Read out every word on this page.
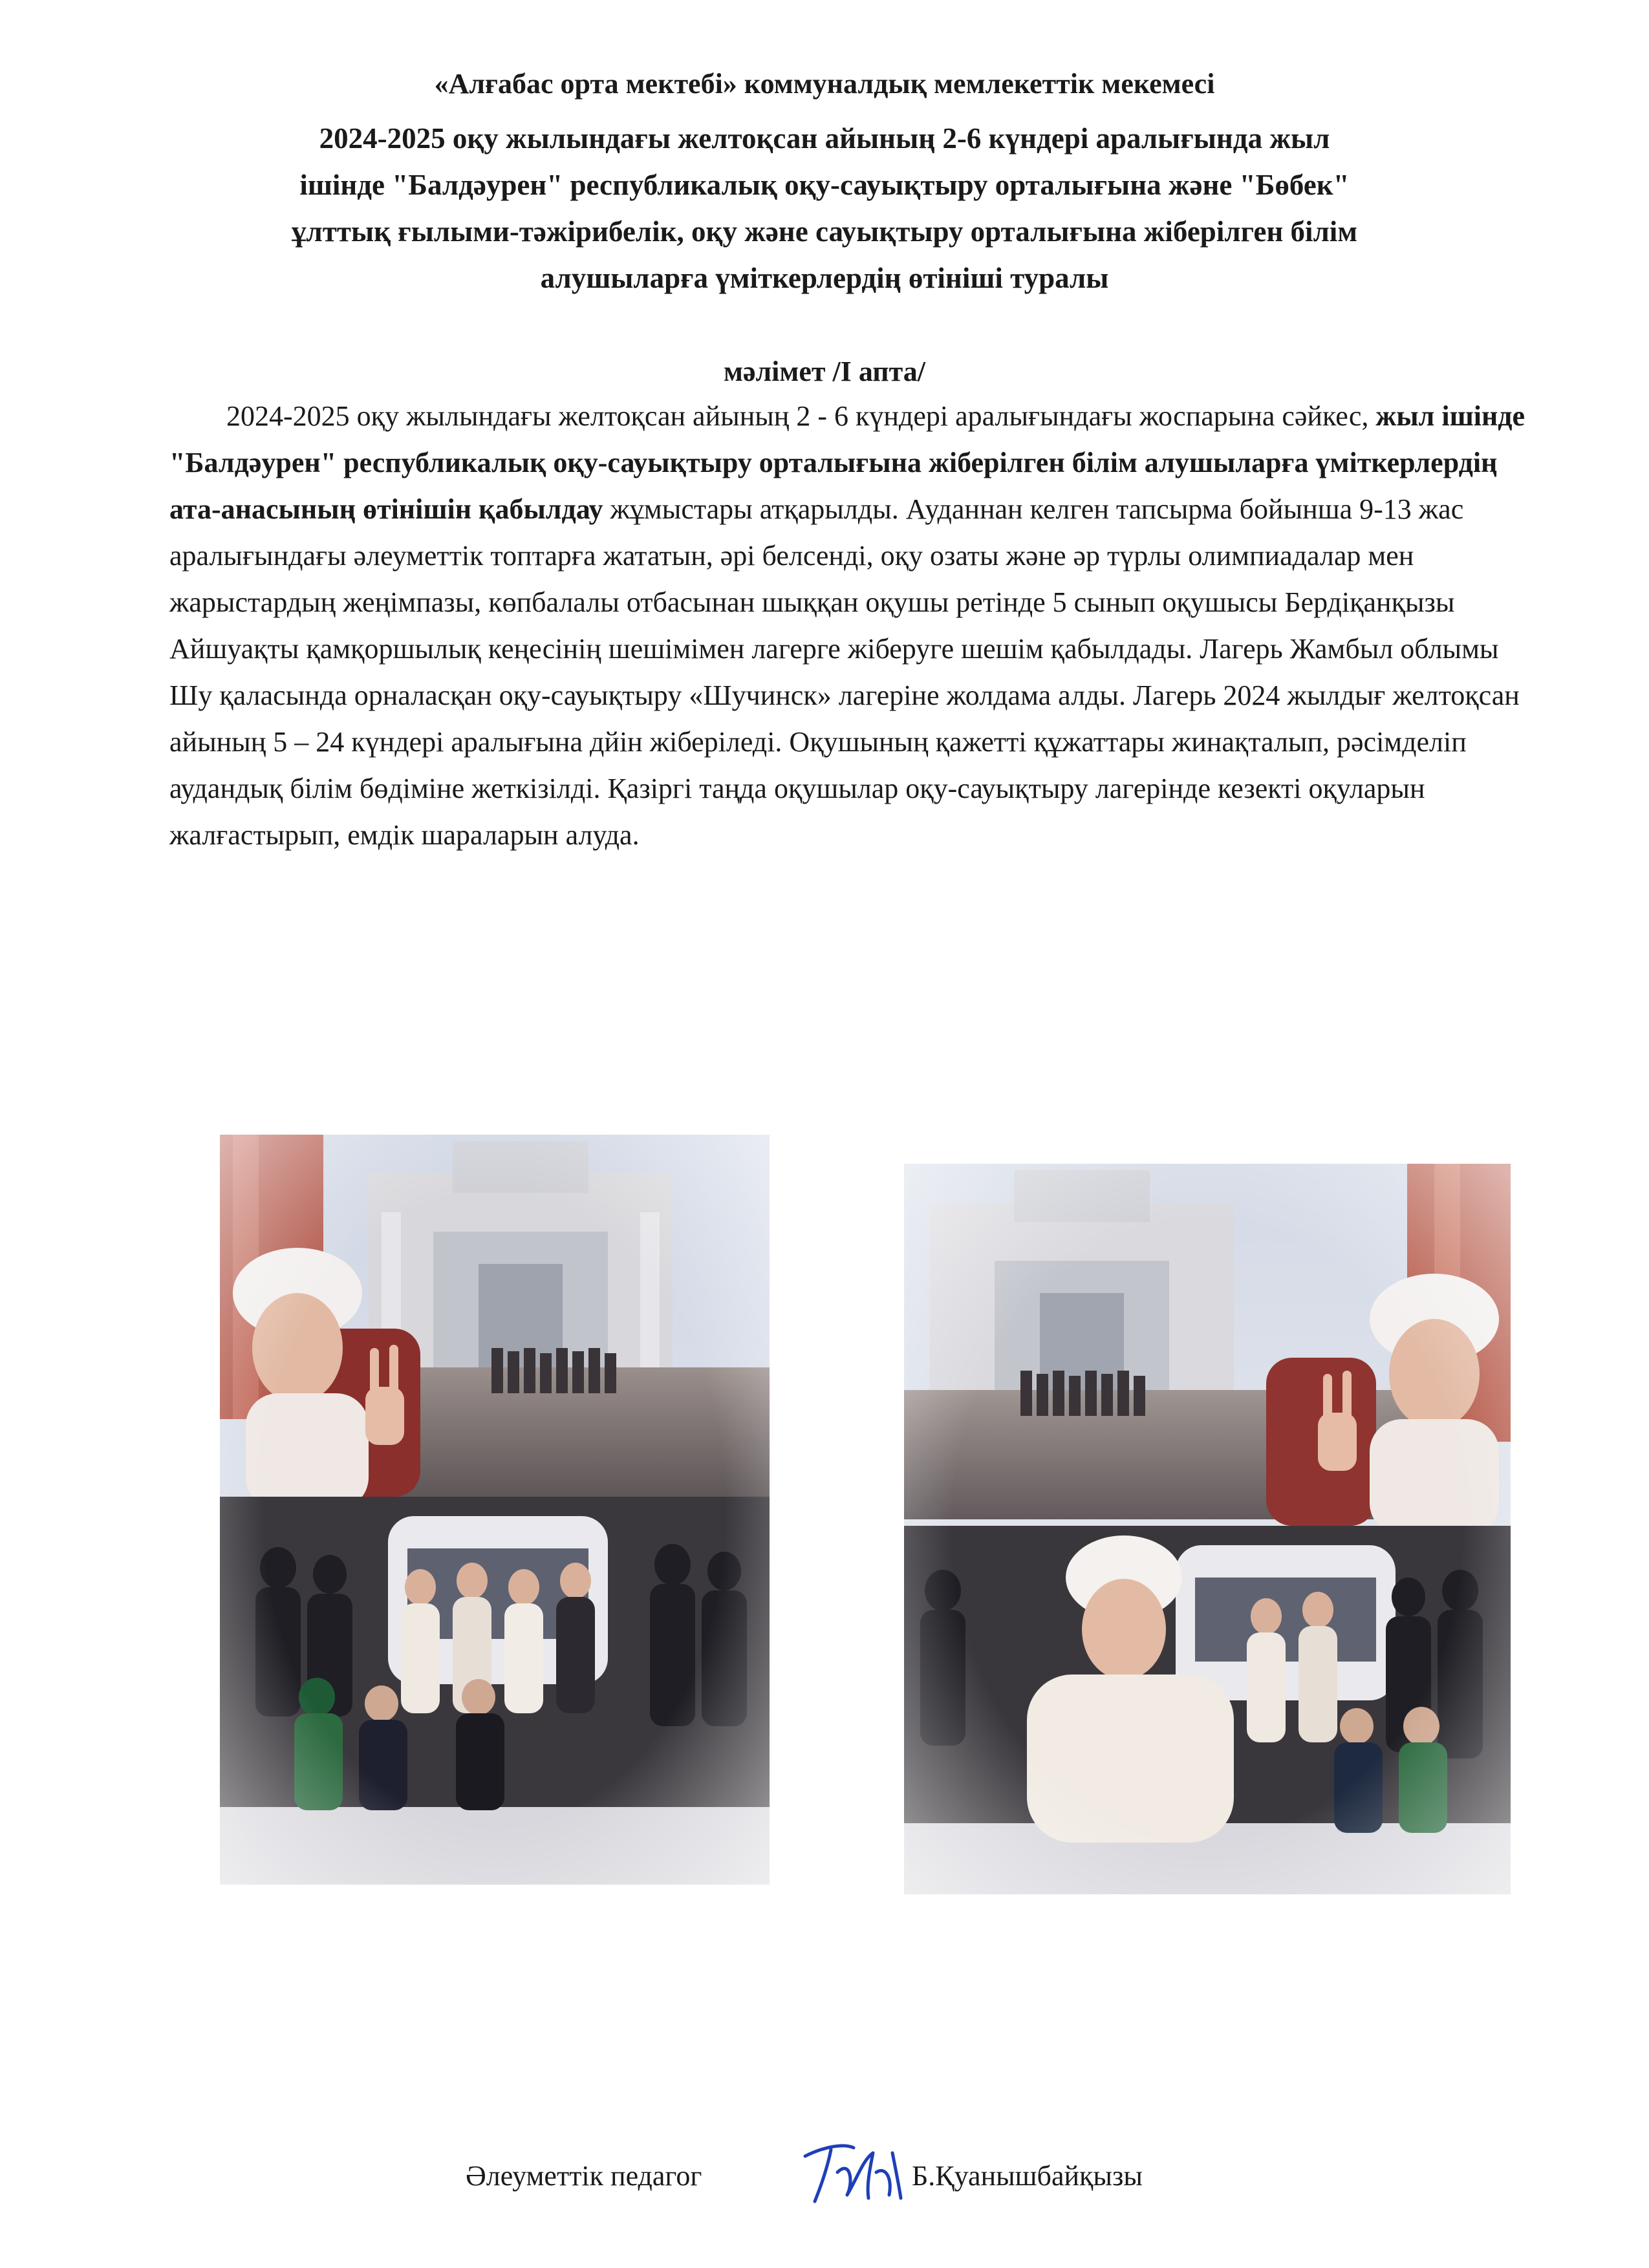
«Алғабас орта мектебі» коммуналдық мемлекеттік мекемесі
2024-2025 оқу жылындағы желтоқсан айының 2-6 күндері аралығында жыл
ішінде "Балдәурен" республикалық оқу-сауықтыру орталығына және "Бөбек"
ұлттық ғылыми-тәжірибелік, оқу және сауықтыру орталығына жіберілген білім
алушыларға үміткерлердің өтініші туралы
мәлімет /І апта/
2024-2025 оқу жылындағы желтоқсан айының 2 - 6 күндері аралығындағы жоспарына сәйкес, жыл ішінде "Балдәурен" республикалық оқу-сауықтыру орталығына жіберілген білім алушыларға үміткерлердің ата-анасының өтінішін қабылдау жұмыстары атқарылды. Ауданнан келген тапсырма бойынша 9-13 жас аралығындағы әлеуметтік топтарға жататын, әрі белсенді, оқу озаты және әр түрлы олимпиадалар мен жарыстардың жеңімпазы, көпбалалы отбасынан шыққан оқушы ретінде 5 сынып оқушысы Бердіқанқызы Айшуақты қамқоршылық кеңесінің шешімімен лагерге жіберуге шешім қабылдады. Лагерь Жамбыл облымы Шу қаласында орналасқан оқу-сауықтыру «Шучинск» лагеріне жолдама алды. Лагерь 2024 жылдығ желтоқсан айының 5 – 24 күндері аралығына дйін жіберіледі. Оқушының қажетті құжаттары жинақталып, рәсімделіп аудандық білім бөдіміне жеткізілді. Қазіргі таңда оқушылар оқу-сауықтыру лагерінде кезекті оқуларын жалғастырып, емдік шараларын алуда.
Әлеуметтік педагог	Б.Қуанышбайқызы
